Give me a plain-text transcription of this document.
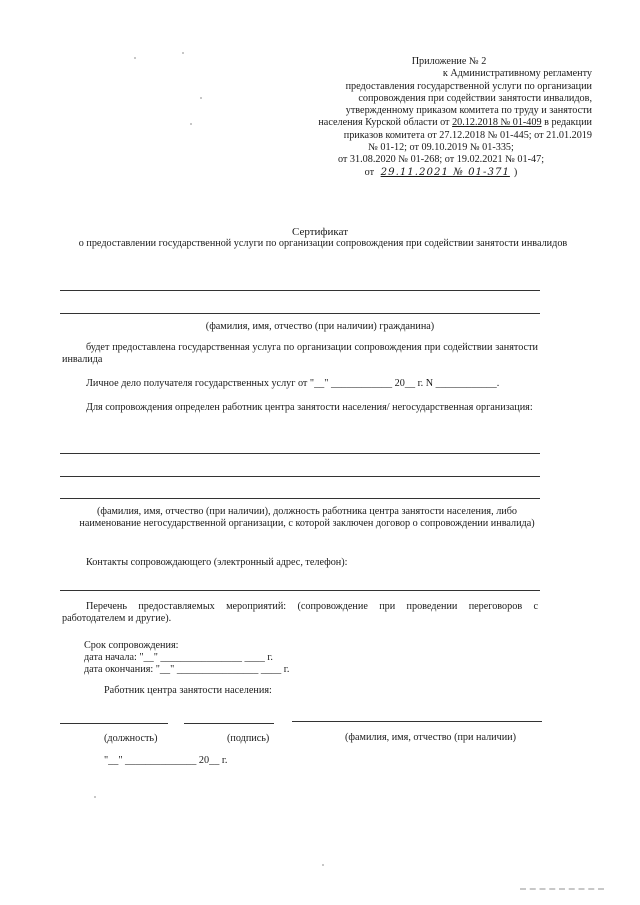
Приложение № 2
к Административному регламенту
предоставления государственной услуги по организации
сопровождения при содействии занятости инвалидов,
утвержденному приказом комитета по труду и занятости
населения Курской области от 20.12.2018 № 01-409 в редакции
приказов комитета от 27.12.2018 № 01-445; от 21.01.2019
№ 01-12; от 09.10.2019 № 01-335;
от 31.08.2020 № 01-268; от 19.02.2021 № 01-47;
от 29.11.2021 № 01-371 )
Сертификат
о предоставлении государственной услуги по организации сопровождения при содействии занятости инвалидов
(фамилия, имя, отчество (при наличии) гражданина)
будет предоставлена государственная услуга по организации сопровождения при содействии занятости инвалида
Личное дело получателя государственных услуг от "__" ____________ 20__ г. N ____________.
Для сопровождения определен работник центра занятости населения/ негосударственная организация:
(фамилия, имя, отчество (при наличии), должность работника центра занятости населения, либо наименование негосударственной организации, с которой заключен договор о сопровождении инвалида)
Контакты сопровождающего (электронный адрес, телефон):
Перечень предоставляемых мероприятий: (сопровождение при проведении переговоров с работодателем и другие).
Срок сопровождения:
дата начала: "__" ________________ ____ г.
дата окончания: "__" ________________ ____ г.
Работник центра занятости населения:
(должность)	(подпись)	(фамилия, имя, отчество (при наличии)
"__" ______________ 20__ г.
